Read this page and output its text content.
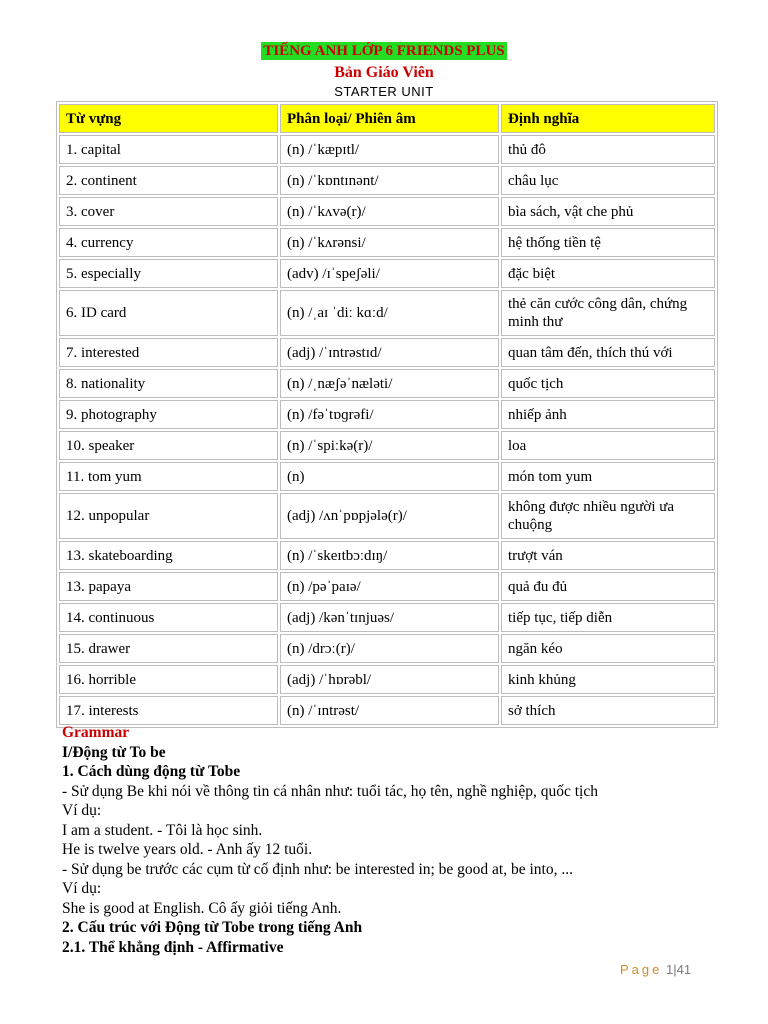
TIẾNG ANH LỚP 6 FRIENDS PLUS
Bản Giáo Viên
STARTER UNIT
Từ vựng	Phân loại/ Phiên âm	Định nghĩa
1. capital	(n) /ˈkæpɪtl/	thủ đô
2. continent	(n) /ˈkɒntɪnənt/	châu lục
3. cover	(n) /ˈkʌvə(r)/	bìa sách, vật che phủ
4. currency	(n) /ˈkʌrənsi/	hệ thống tiền tệ
5. especially	(adv) /ɪˈspeʃəli/	đặc biệt
6. ID card	(n) /ˌaɪ ˈdiː kɑːd/	thẻ căn cước công dân, chứng minh thư
7. interested	(adj) /ˈɪntrəstɪd/	quan tâm đến, thích thú với
8. nationality	(n) /ˌnæʃəˈnæləti/	quốc tịch
9. photography	(n) /fəˈtɒɡrəfi/	nhiếp ảnh
10. speaker	(n) /ˈspiːkə(r)/	loa
11. tom yum	(n)	món tom yum
12. unpopular	(adj) /ʌnˈpɒpjələ(r)/	không được nhiều người ưa chuộng
13. skateboarding	(n) /ˈskeɪtbɔːdɪŋ/	trượt ván
13. papaya	(n) /pəˈpaɪə/	quả đu đủ
14. continuous	(adj) /kənˈtɪnjuəs/	tiếp tục, tiếp diễn
15. drawer	(n) /drɔː(r)/	ngăn kéo
16. horrible	(adj) /ˈhɒrəbl/	kinh khủng
17. interests	(n) /ˈɪntrəst/	sở thích

Grammar

I/Động từ To be

1. Cách dùng động từ Tobe

- Sử dụng Be khi nói về thông tin cá nhân như: tuổi tác, họ tên, nghề nghiệp, quốc tịch

Ví dụ:

I am a student. - Tôi là học sinh.

He is twelve years old. - Anh ấy 12 tuổi.

- Sử dụng be trước các cụm từ cố định như: be interested in; be good at, be into, ...

Ví dụ:

She is good at English. Cô ấy giỏi tiếng Anh.

2. Cấu trúc với Động từ Tobe trong tiếng Anh

2.1. Thể khẳng định - Affirmative

Page 1|41
